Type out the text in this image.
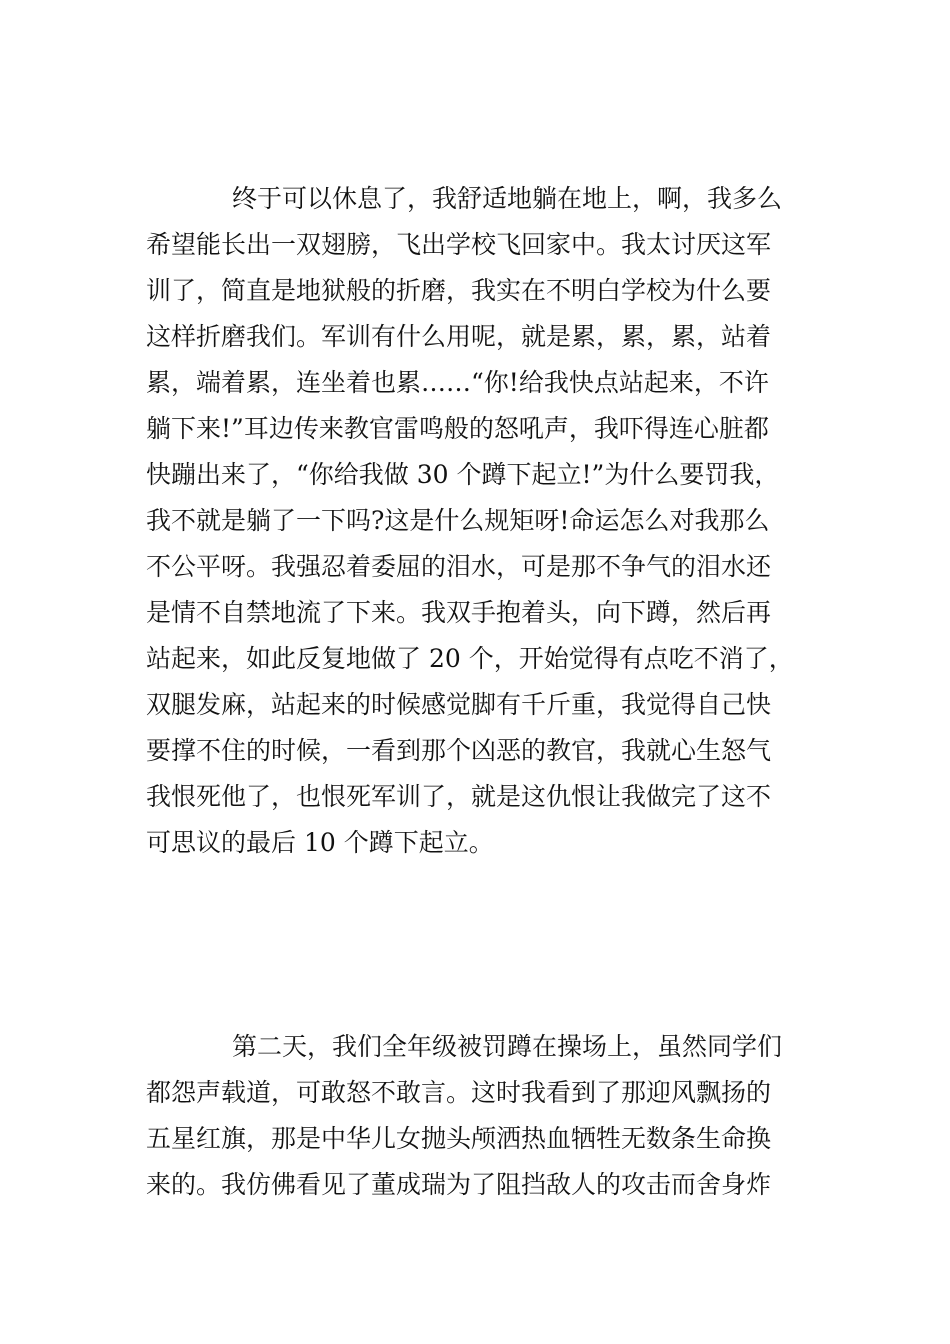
终于可以休息了，我舒适地躺在地上，啊，我多么
希望能长出一双翅膀，飞出学校飞回家中。我太讨厌这军
训了，简直是地狱般的折磨，我实在不明白学校为什么要
这样折磨我们。军训有什么用呢，就是累，累，累，站着
累，端着累，连坐着也累……“你!给我快点站起来，不许
躺下来!”耳边传来教官雷鸣般的怒吼声，我吓得连心脏都
快蹦出来了，“你给我做 30 个蹲下起立!”为什么要罚我，
我不就是躺了一下吗?这是什么规矩呀!命运怎么对我那么
不公平呀。我强忍着委屈的泪水，可是那不争气的泪水还
是情不自禁地流了下来。我双手抱着头，向下蹲，然后再
站起来，如此反复地做了 20 个，开始觉得有点吃不消了，
双腿发麻，站起来的时候感觉脚有千斤重，我觉得自己快
要撑不住的时候，一看到那个凶恶的教官，我就心生怒气
我恨死他了，也恨死军训了，就是这仇恨让我做完了这不
可思议的最后 10 个蹲下起立。
第二天，我们全年级被罚蹲在操场上，虽然同学们
都怨声载道，可敢怒不敢言。这时我看到了那迎风飘扬的
五星红旗，那是中华儿女抛头颅洒热血牺牲无数条生命换
来的。我仿佛看见了董成瑞为了阻挡敌人的攻击而舍身炸
